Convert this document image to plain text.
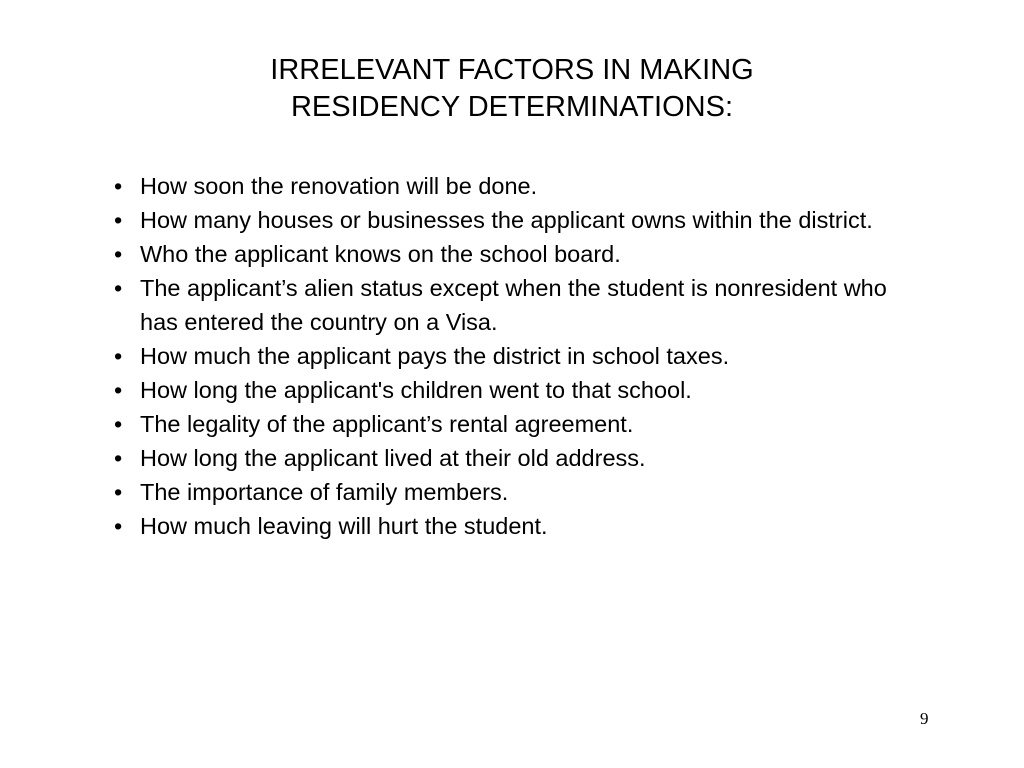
IRRELEVANT FACTORS IN MAKING
RESIDENCY DETERMINATIONS:
• How soon the renovation will be done.
• How many houses or businesses the applicant owns within the district.
• Who the applicant knows on the school board.
• The applicant’s alien status except when the student is nonresident who has entered the country on a Visa.
• How much the applicant pays the district in school taxes.
• How long the applicant's children went to that school.
• The legality of the applicant’s rental agreement.
• How long the applicant lived at their old address.
• The importance of family members.
• How much leaving will hurt the student.
9
